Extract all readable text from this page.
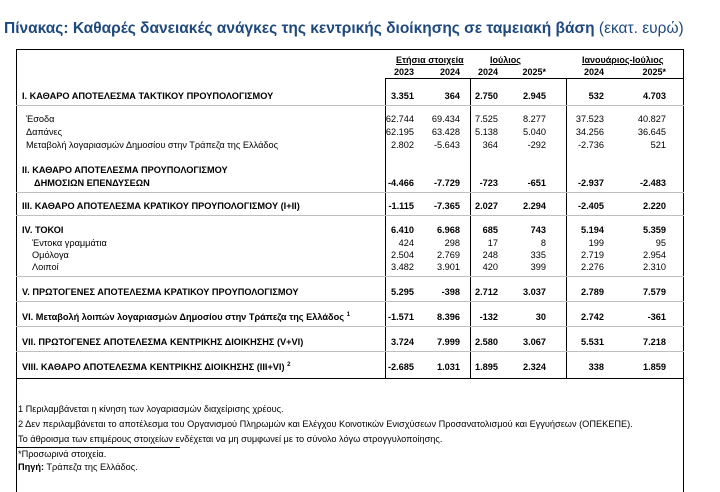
Πίνακας: Καθαρές δανειακές ανάγκες της κεντρικής διοίκησης σε ταμειακή βάση (εκατ. ευρώ)
Ετήσια στοιχεία	Ιούλιος	Ιανουάριος-Ιούλιος
2023	2024 2024	2025*	2024	2025*
I. ΚΑΘΑΡΟ ΑΠΟΤΕΛΕΣΜΑ ΤΑΚΤΙΚΟΥ ΠΡΟΥΠΟΛΟΓΙΣΜΟΥ	3.351	364 2.750	2.945	532	4.703
Έσοδα	62.744 69.434 7.525	8.277	37.523	40.827
Δαπάνες	62.195 63.428 5.138	5.040	34.256	36.645
Μεταβολή λογαριασμών Δημοσίου στην Τράπεζα της Ελλάδος	2.802 -5.643 364	-292	-2.736	521
II. ΚΑΘΑΡΟ ΑΠΟΤΕΛΕΣΜΑ ΠΡΟΥΠΟΛΟΓΙΣΜΟΥ
ΔΗΜΟΣΙΩΝ ΕΠΕΝΔΥΣΕΩΝ	-4.466 -7.729 -723	-651	-2.937	-2.483
III. ΚΑΘΑΡΟ ΑΠΟΤΕΛΕΣΜΑ ΚΡΑΤΙΚΟΥ ΠΡΟΥΠΟΛΟΓΙΣΜΟΥ (I+II)	-1.115 -7.365 2.027	2.294	-2.405	2.220
IV. ΤΟΚΟΙ	6.410	6.968 685	743	5.194	5.359
Έντοκα γραμμάτια	424	298	17	8	199	95
Ομόλογα	2.504	2.769 248	335	2.719	2.954
Λοιποί	3.482	3.901 420	399	2.276	2.310
V. ΠΡΩΤΟΓΕΝΕΣ ΑΠΟΤΕΛΕΣΜΑ ΚΡΑΤΙΚΟΥ ΠΡΟΥΠΟΛΟΓΙΣΜΟΥ	5.295	-398 2.712	3.037	2.789	7.579
VI. Μεταβολή λοιπών λογαριασμών Δημοσίου στην Τράπεζα της Ελλάδος $^1$	-1.571	8.396 -132	30	2.742	-361
VII. ΠΡΩΤΟΓΕΝΕΣ ΑΠΟΤΕΛΕΣΜΑ ΚΕΝΤΡΙΚΗΣ ΔΙΟΙΚΗΣΗΣ (V+VI)	3.724	7.999 2.580	3.067	5.531	7.218
VIII. ΚΑΘΑΡΟ ΑΠΟΤΕΛΕΣΜΑ ΚΕΝΤΡΙΚΗΣ ΔΙΟΙΚΗΣΗΣ (III+VI) $^2$	-2.685	1.031 1.895	2.324	338	1.859
1 Περιλαμβάνεται η κίνηση των λογαριασμών διαχείρισης χρέους.
2 Δεν περιλαμβάνεται το αποτέλεσμα του Οργανισμού Πληρωμών και Ελέγχου Κοινοτικών Ενισχύσεων Προσανατολισμού και Εγγυήσεων (ΟΠΕΚΕΠΕ).
Το άθροισμα των επιμέρους στοιχείων ενδέχεται να μη συμφωνεί με το σύνολο λόγω στρογγυλοποίησης.
*Προσωρινά στοιχεία.
Πηγή: Τράπεζα της Ελλάδος.
